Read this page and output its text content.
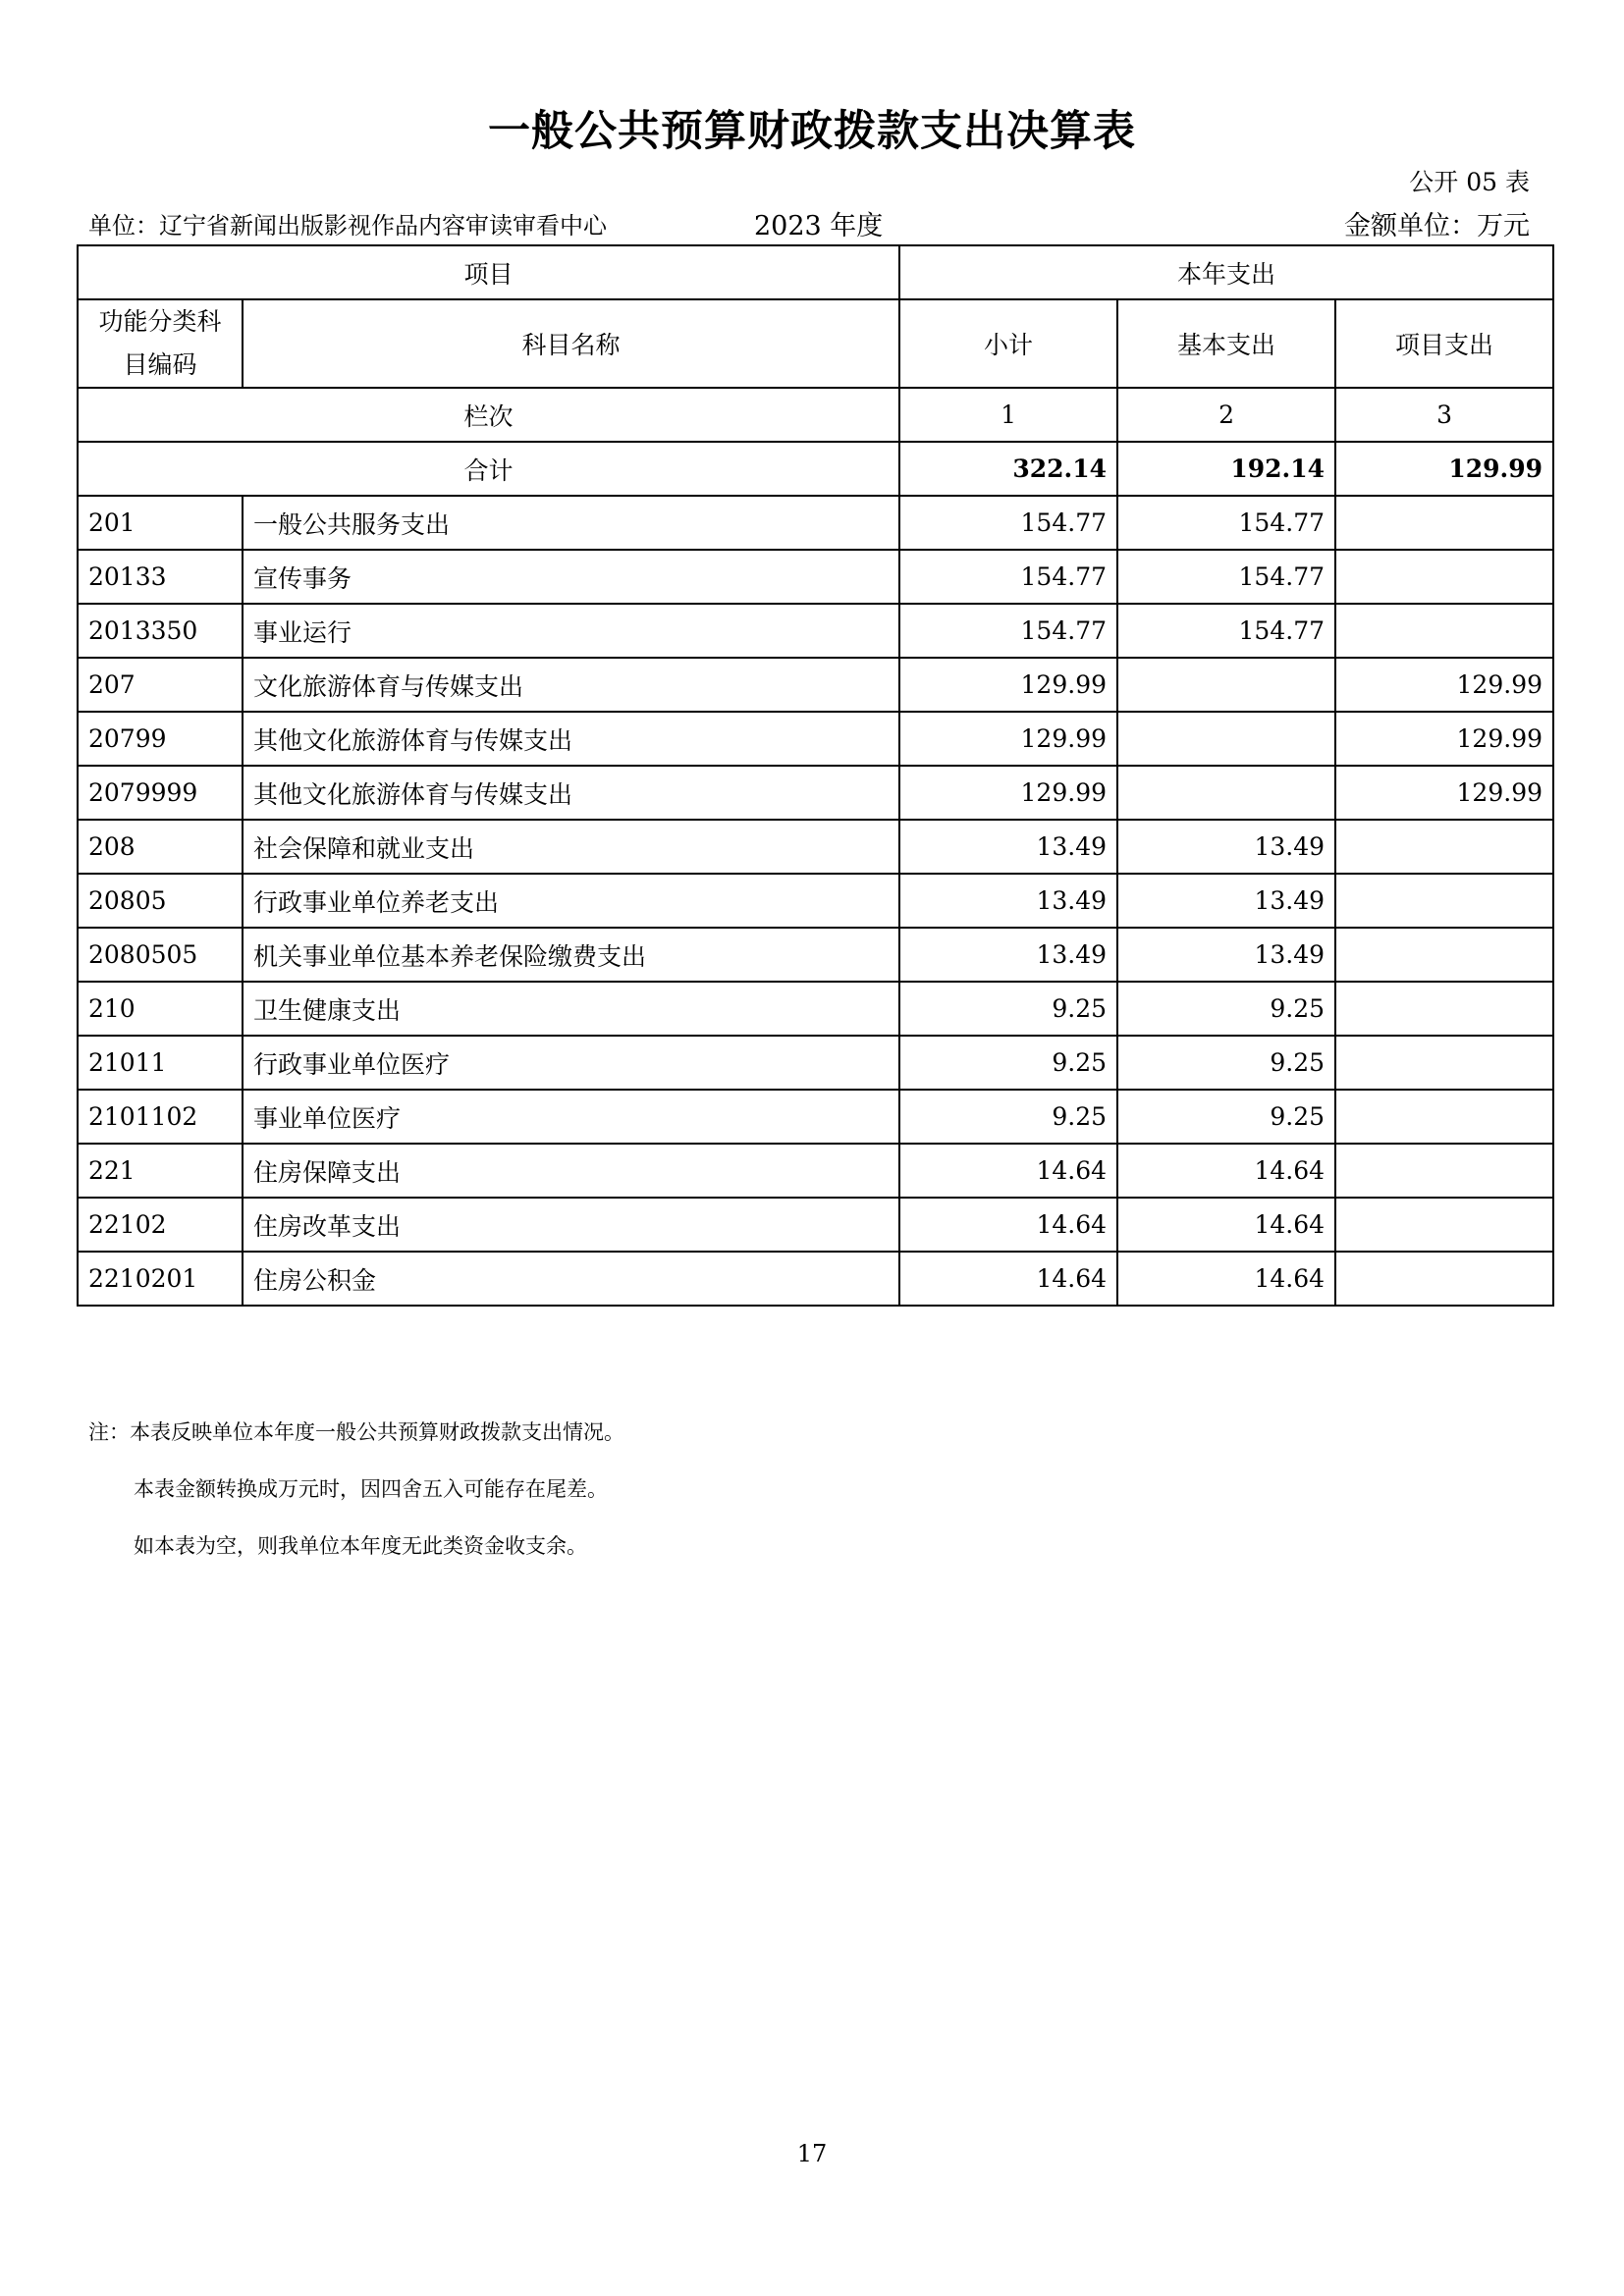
一般公共预算财政拨款支出决算表
公开 05 表
单位：辽宁省新闻出版影视作品内容审读审看中心	2023 年度	金额单位：万元
项目		本年支出		
功能分类科目编码	科目名称	小计	基本支出	项目支出
栏次		1	2	3
合计		322.14	192.14	129.99
201	一般公共服务支出	154.77	154.77	
20133	宣传事务	154.77	154.77	
2013350	事业运行	154.77	154.77	
207	文化旅游体育与传媒支出	129.99		129.99
20799	其他文化旅游体育与传媒支出	129.99		129.99
2079999	其他文化旅游体育与传媒支出	129.99		129.99
208	社会保障和就业支出	13.49	13.49	
20805	行政事业单位养老支出	13.49	13.49	
2080505	机关事业单位基本养老保险缴费支出	13.49	13.49	
210	卫生健康支出	9.25	9.25	
21011	行政事业单位医疗	9.25	9.25	
2101102	事业单位医疗	9.25	9.25	
221	住房保障支出	14.64	14.64	
22102	住房改革支出	14.64	14.64	
2210201	住房公积金	14.64	14.64	
注：本表反映单位本年度一般公共预算财政拨款支出情况。
本表金额转换成万元时，因四舍五入可能存在尾差。
如本表为空，则我单位本年度无此类资金收支余。
17
